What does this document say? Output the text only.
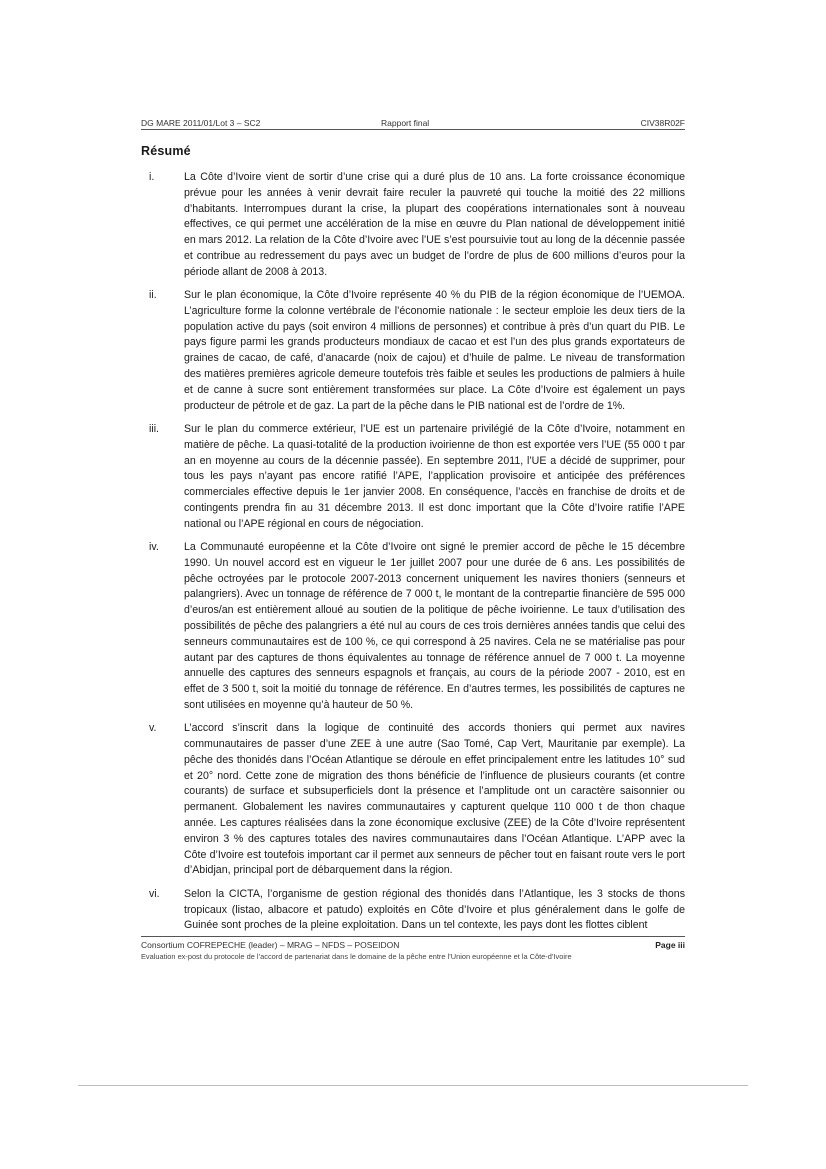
DG MARE 2011/01/Lot 3 – SC2	Rapport final	CIV38R02F
Résumé
i.	La Côte d’Ivoire vient de sortir d’une crise qui a duré plus de 10 ans. La forte croissance économique prévue pour les années à venir devrait faire reculer la pauvreté qui touche la moitié des 22 millions d’habitants. Interrompues durant la crise, la plupart des coopérations internationales sont à nouveau effectives, ce qui permet une accélération de la mise en œuvre du Plan national de développement initié en mars 2012. La relation de la Côte d’Ivoire avec l’UE s’est poursuivie tout au long de la décennie passée et contribue au redressement du pays avec un budget de l’ordre de plus de 600 millions d’euros pour la période allant de 2008 à 2013.
ii.	Sur le plan économique, la Côte d’Ivoire représente 40 % du PIB de la région économique de l’UEMOA. L’agriculture forme la colonne vertébrale de l’économie nationale : le secteur emploie les deux tiers de la population active du pays (soit environ 4 millions de personnes) et contribue à près d’un quart du PIB. Le pays figure parmi les grands producteurs mondiaux de cacao et est l’un des plus grands exportateurs de graines de cacao, de café, d’anacarde (noix de cajou) et d’huile de palme. Le niveau de transformation des matières premières agricole demeure toutefois très faible et seules les productions de palmiers à huile et de canne à sucre sont entièrement transformées sur place. La Côte d’Ivoire est également un pays producteur de pétrole et de gaz. La part de la pêche dans le PIB national est de l’ordre de 1%.
iii.	Sur le plan du commerce extérieur, l’UE est un partenaire privilégié de la Côte d’Ivoire, notamment en matière de pêche. La quasi-totalité de la production ivoirienne de thon est exportée vers l’UE (55 000 t par an en moyenne au cours de la décennie passée). En septembre 2011, l’UE a décidé de supprimer, pour tous les pays n’ayant pas encore ratifié l’APE, l’application provisoire et anticipée des préférences commerciales effective depuis le 1er janvier 2008. En conséquence, l’accès en franchise de droits et de contingents prendra fin au 31 décembre 2013. Il est donc important que la Côte d’Ivoire ratifie l’APE national ou l’APE régional en cours de négociation.
iv.	La Communauté européenne et la Côte d’Ivoire ont signé le premier accord de pêche le 15 décembre 1990. Un nouvel accord est en vigueur le 1er juillet 2007 pour une durée de 6 ans. Les possibilités de pêche octroyées par le protocole 2007-2013 concernent uniquement les navires thoniers (senneurs et palangriers). Avec un tonnage de référence de 7 000 t, le montant de la contrepartie financière de 595 000 d’euros/an est entièrement alloué au soutien de la politique de pêche ivoirienne. Le taux d’utilisation des possibilités de pêche des palangriers a été nul au cours de ces trois dernières années tandis que celui des senneurs communautaires est de 100 %, ce qui correspond à 25 navires. Cela ne se matérialise pas pour autant par des captures de thons équivalentes au tonnage de référence annuel de 7 000 t. La moyenne annuelle des captures des senneurs espagnols et français, au cours de la période 2007 - 2010, est en effet de 3 500 t, soit la moitié du tonnage de référence. En d’autres termes, les possibilités de captures ne sont utilisées en moyenne qu’à hauteur de 50 %.
v.	L’accord s’inscrit dans la logique de continuité des accords thoniers qui permet aux navires communautaires de passer d’une ZEE à une autre (Sao Tomé, Cap Vert, Mauritanie par exemple). La pêche des thonidés dans l’Océan Atlantique se déroule en effet principalement entre les latitudes 10° sud et 20° nord. Cette zone de migration des thons bénéficie de l’influence de plusieurs courants (et contre courants) de surface et subsuperficiels dont la présence et l’amplitude ont un caractère saisonnier ou permanent. Globalement les navires communautaires y capturent quelque 110 000 t de thon chaque année. Les captures réalisées dans la zone économique exclusive (ZEE) de la Côte d’Ivoire représentent environ 3 % des captures totales des navires communautaires dans l’Océan Atlantique. L’APP avec la Côte d’Ivoire est toutefois important car il permet aux senneurs de pêcher tout en faisant route vers le port d’Abidjan, principal port de débarquement dans la région.
vi.	Selon la CICTA, l’organisme de gestion régional des thonidés dans l’Atlantique, les 3 stocks de thons tropicaux (listao, albacore et patudo) exploités en Côte d’Ivoire et plus généralement dans le golfe de Guinée sont proches de la pleine exploitation. Dans un tel contexte, les pays dont les flottes ciblent
Consortium COFREPECHE (leader) – MRAG – NFDS – POSEIDON	Page iii
Evaluation ex-post du protocole de l’accord de partenariat dans le domaine de la pêche entre l’Union européenne et la Côte-d’Ivoire
